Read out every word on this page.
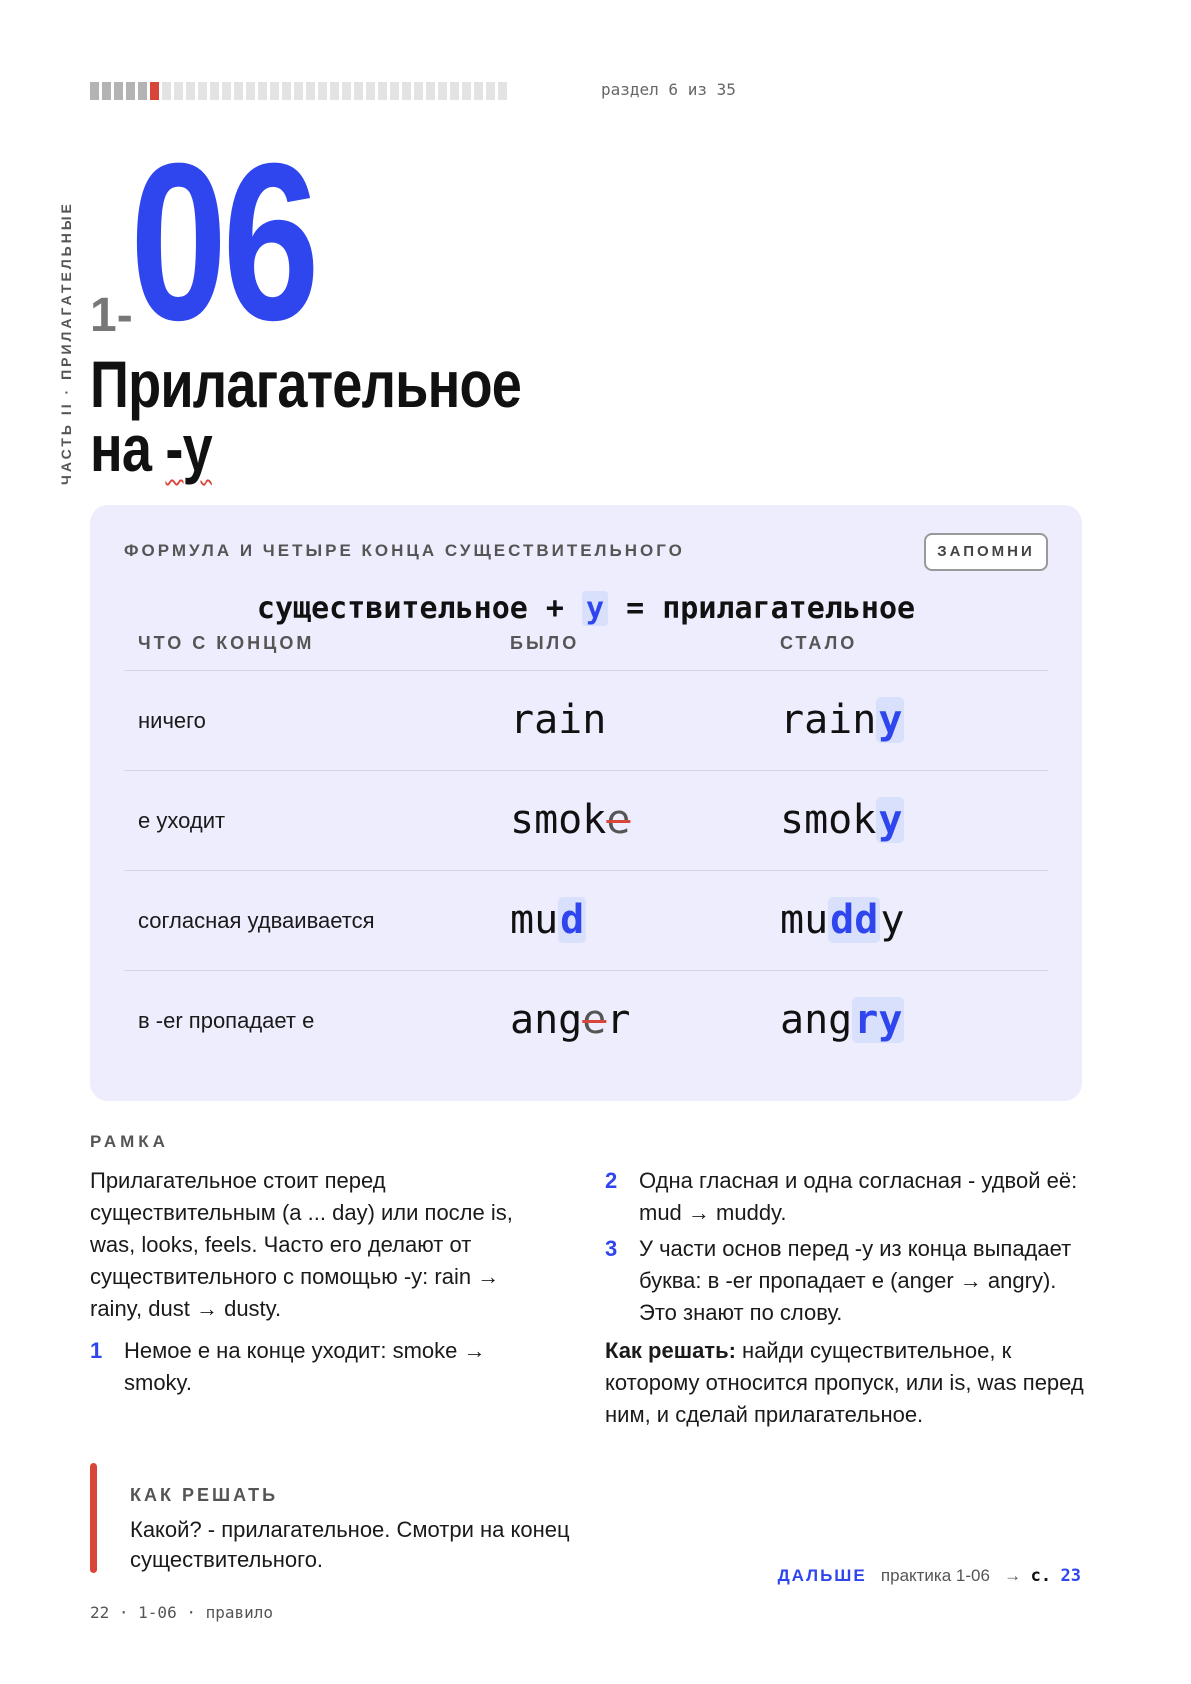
раздел 6 из 35
ЧАСТЬ II · ПРИЛАГАТЕЛЬНЫЕ 1-
06
Прилагательное
на -y
ФОРМУЛА И ЧЕТЫРЕ КОНЦА СУЩЕСТВИТЕЛЬНОГО	ЗАПОМНИ
существительное + y = прилагательное
ЧТО С КОНЦОМ	БЫЛО	СТАЛО
ничего	rain	rainy
e уходит	smoke	smoky
согласная удваивается	mud	muddy
в -er пропадает e	anger	angry
РАМКА

Прилагательное стоит перед существительным (a ... day) или после is, was, looks, feels. Часто его делают от существительного с помощью -y: rain → rainy, dust → dusty.

1 Немое e на конце уходит: smoke → smoky.
2 Одна гласная и одна согласная - удвой её: mud → muddy.
3 У части основ перед -y из конца выпадает буква: в -er пропадает e (anger → angry). Это знают по слову.

Как решать: найди существительное, к которому относится пропуск, или is, was перед ним, и сделай прилагательное.

КАК РЕШАТЬ
Какой? - прилагательное. Смотри на конец существительного.
22 · 1-06 · правило
ДАЛЬШЕ практика 1-06 → с. 23
